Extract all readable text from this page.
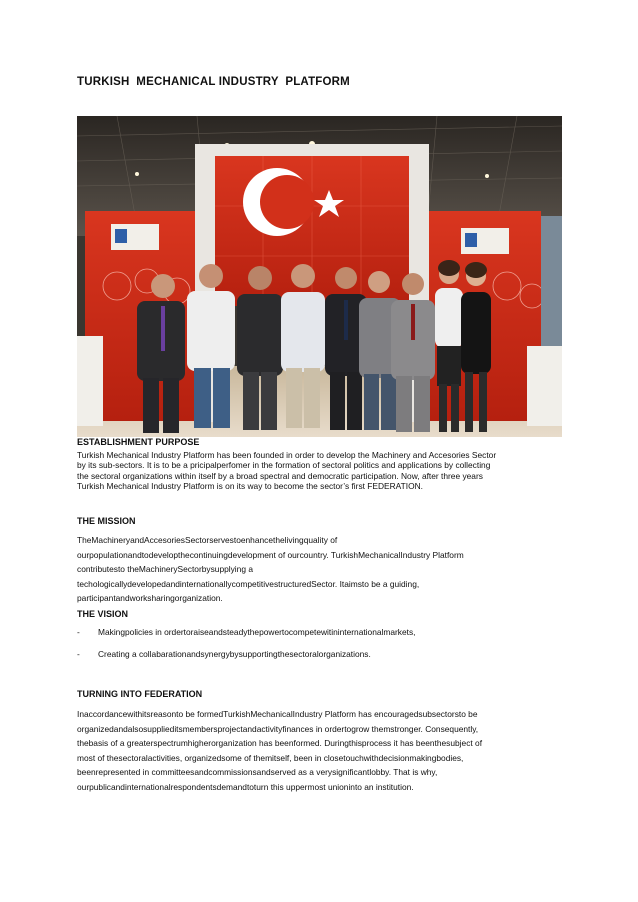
TURKISH  MECHANICAL INDUSTRY  PLATFORM
ESTABLISHMENT PURPOSE
Turkish Mechanical Industry Platform has been founded in order to develop the Machinery and Accesories Sector
by its sub-sectors. It is to be a pricipalperfomer in the formation of sectoral politics and applications by collecting
the sectoral organizations within itself by a broad spectral and democratic participation. Now, after three years
Turkish Mechanical Industry Platform is on its way to become the sector’s first FEDERATION.
THE MISSION
TheMachineryandAccesoriesSectorservestoenhancethelivingquality of
ourpopulationandtodevelopthecontinuingdevelopment of ourcountry. TurkishMechanicalIndustry Platform
contributesto theMachinerySectorbysupplying a
techologicallydevelopedandinternationallycompetitivestructuredSector. Itaimsto be a guiding,
participantandworksharingorganization.
THE VISION

-

Makingpolicies in ordertoraiseandsteadythepowertocompetewitininternationalmarkets,

-

Creating a collabarationandsynergybysupportingthesectoralorganizations.

TURNING INTO FEDERATION
Inaccordancewithitsreasonto be formedTurkishMechanicalIndustry Platform has encouragedsubsectorsto be
organizedandalsosupplieditsmembersprojectandactivityfinances in ordertogrow themstronger. Consequently,
thebasis of a greaterspectrumhigherorganization has beenformed. Duringthisprocess it has beenthesubject of
most of thesectoralactivities, organizedsome of themitself, been in closetouchwithdecisionmakingbodies,
beenrepresented in committeesandcommissionsandserved as a verysignificantlobby. That is why,
ourpublicandinternationalrespondentsdemandtoturn this uppermost unioninto an institution.
